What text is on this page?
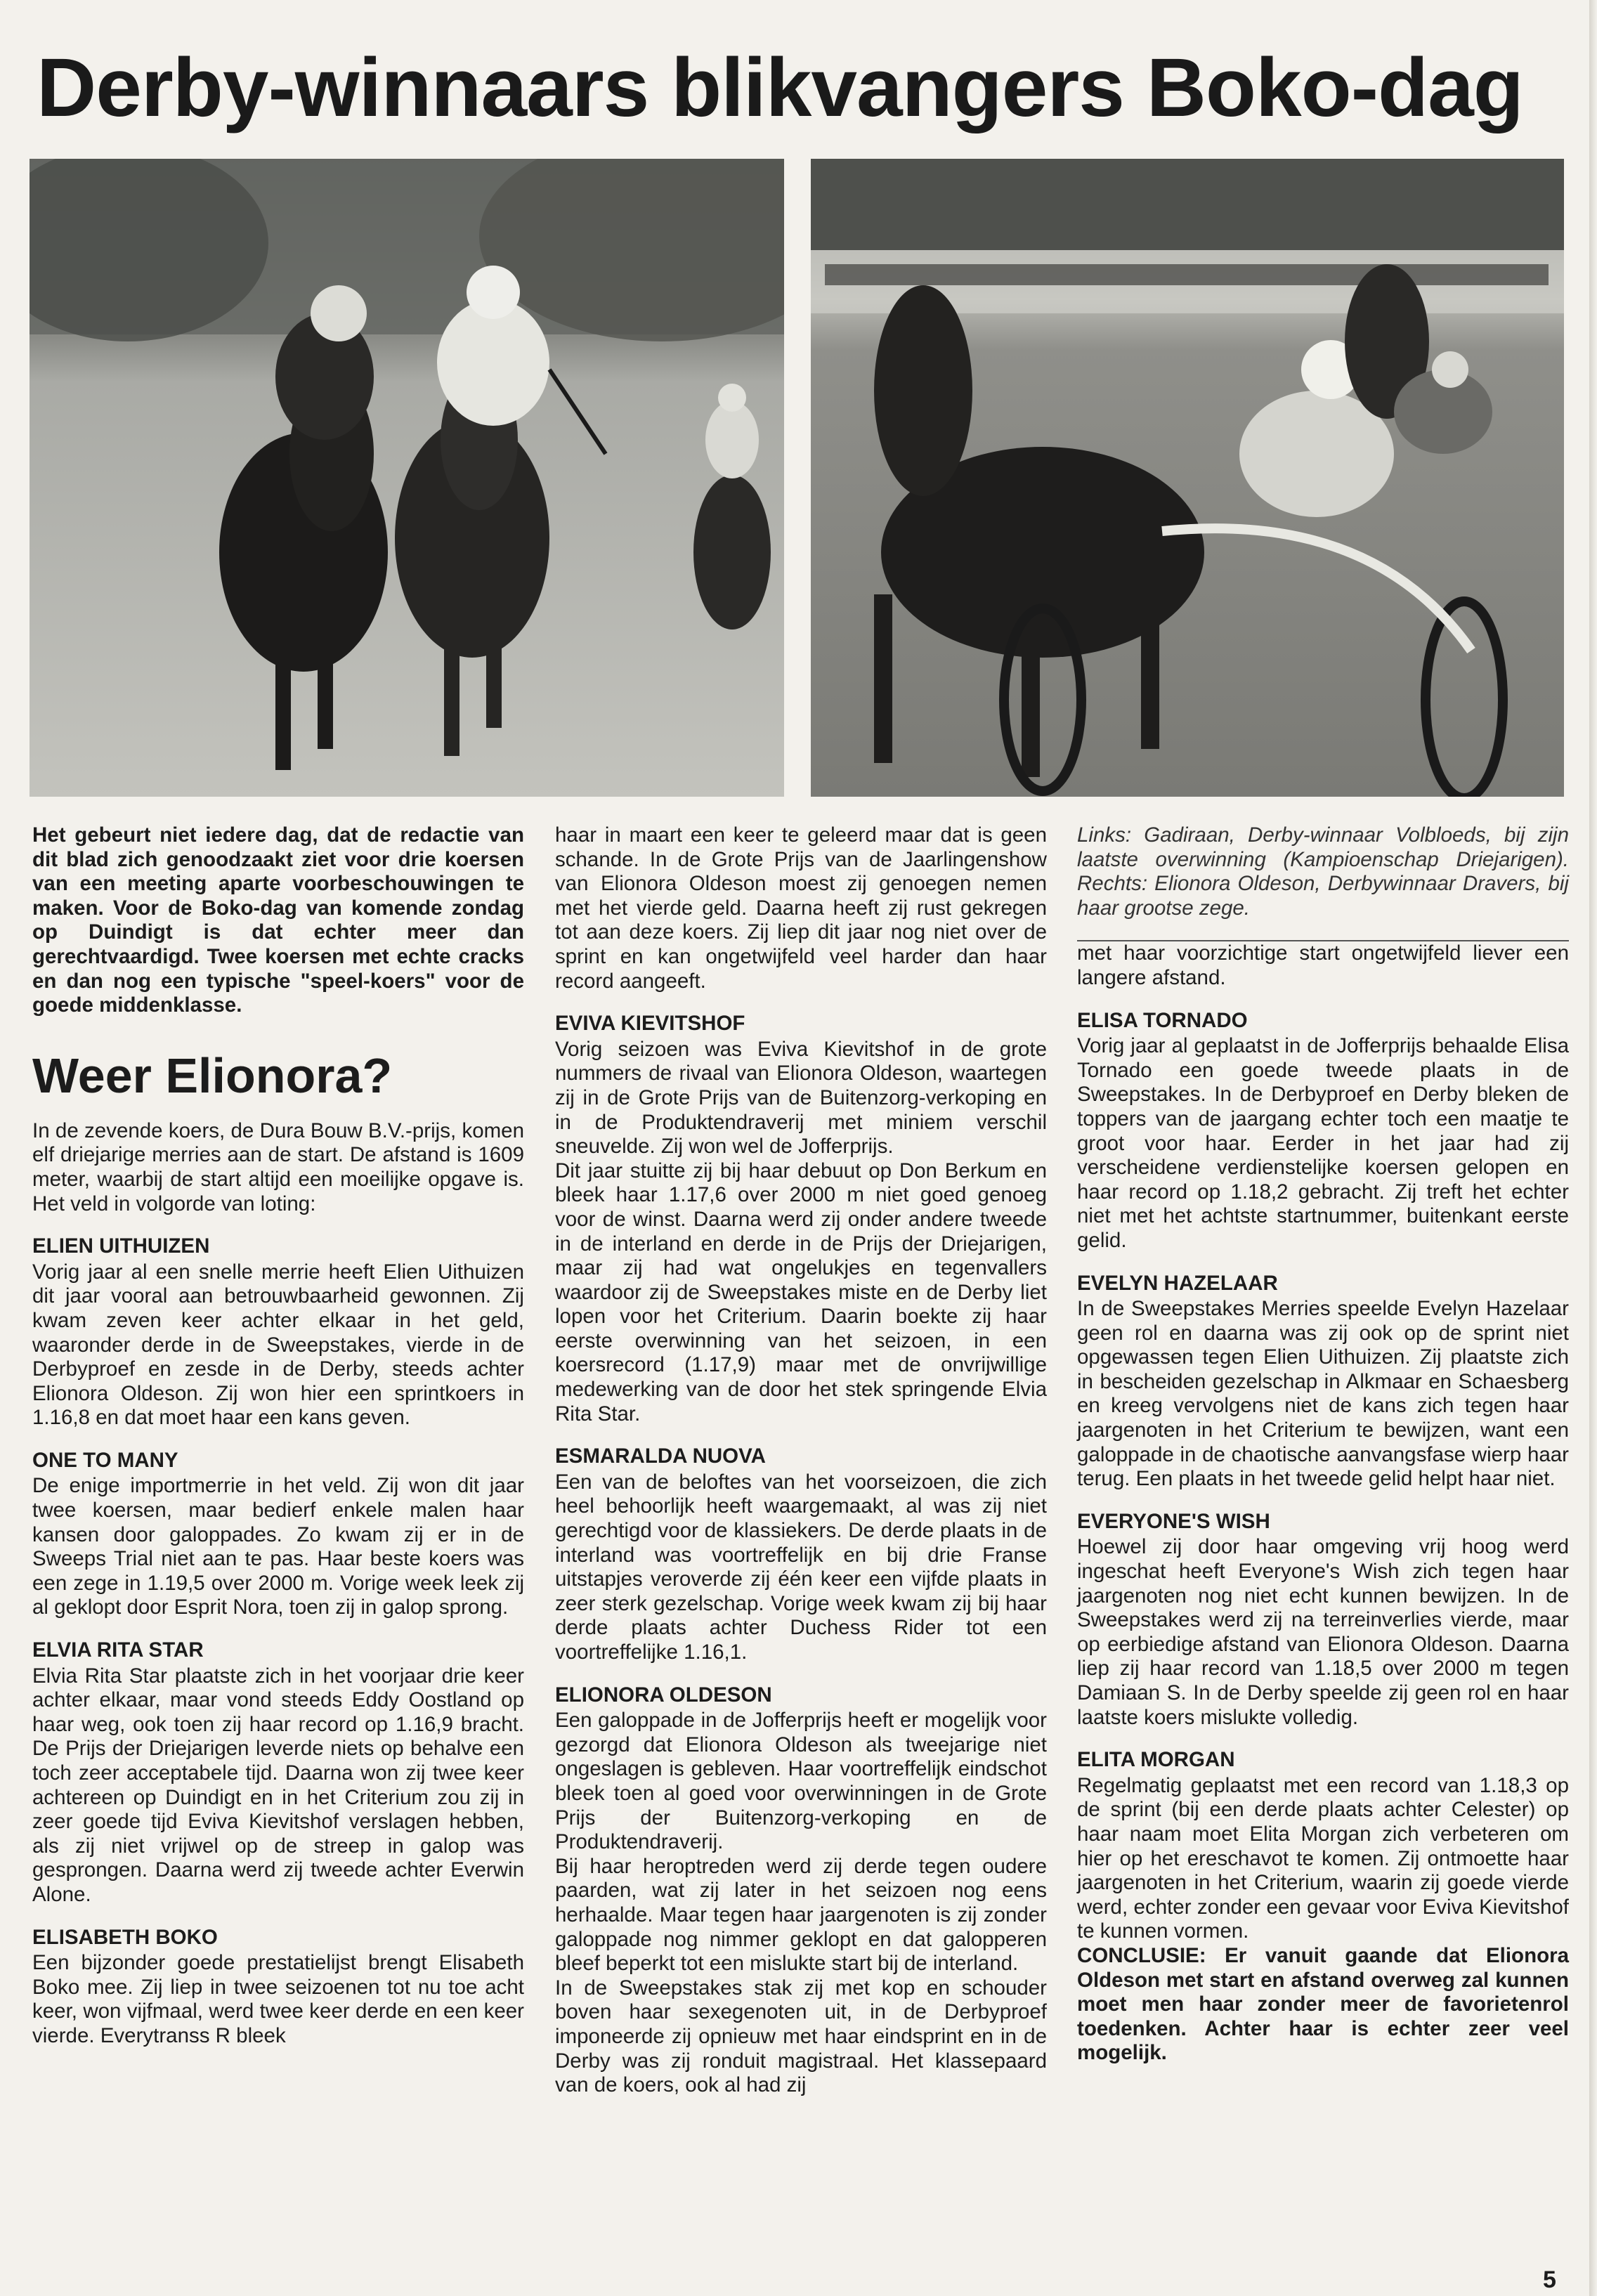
Derby-winnaars blikvangers Boko-dag

Het gebeurt niet iedere dag, dat de redactie van dit blad zich genoodzaakt ziet voor drie koersen van een meeting aparte voorbeschouwingen te maken. Voor de Boko-dag van komende zondag op Duindigt is dat echter meer dan gerechtvaardigd. Twee koersen met echte cracks en dan nog een typische "speel-koers" voor de goede middenklasse.

Weer Elionora?

In de zevende koers, de Dura Bouw B.V.-prijs, komen elf driejarige merries aan de start. De afstand is 1609 meter, waarbij de start altijd een moeilijke opgave is. Het veld in volgorde van loting:

ELIEN UITHUIZEN

Vorig jaar al een snelle merrie heeft Elien Uithuizen dit jaar vooral aan betrouwbaarheid gewonnen. Zij kwam zeven keer achter elkaar in het geld, waaronder derde in de Sweepstakes, vierde in de Derbyproef en zesde in de Derby, steeds achter Elionora Oldeson. Zij won hier een sprintkoers in 1.16,8 en dat moet haar een kans geven.

ONE TO MANY

De enige importmerrie in het veld. Zij won dit jaar twee koersen, maar bedierf enkele malen haar kansen door galoppades. Zo kwam zij er in de Sweeps Trial niet aan te pas. Haar beste koers was een zege in 1.19,5 over 2000 m. Vorige week leek zij al geklopt door Esprit Nora, toen zij in galop sprong.

ELVIA RITA STAR

Elvia Rita Star plaatste zich in het voorjaar drie keer achter elkaar, maar vond steeds Eddy Oostland op haar weg, ook toen zij haar record op 1.16,9 bracht. De Prijs der Driejarigen leverde niets op behalve een toch zeer acceptabele tijd. Daarna won zij twee keer achtereen op Duindigt en in het Criterium zou zij in zeer goede tijd Eviva Kievitshof verslagen hebben, als zij niet vrijwel op de streep in galop was gesprongen. Daarna werd zij tweede achter Everwin Alone.

ELISABETH BOKO

Een bijzonder goede prestatielijst brengt Elisabeth Boko mee. Zij liep in twee seizoenen tot nu toe acht keer, won vijfmaal, werd twee keer derde en een keer vierde. Everytranss R bleek

haar in maart een keer te geleerd maar dat is geen schande. In de Grote Prijs van de Jaarlingenshow van Elionora Oldeson moest zij genoegen nemen met het vierde geld. Daarna heeft zij rust gekregen tot aan deze koers. Zij liep dit jaar nog niet over de sprint en kan ongetwijfeld veel harder dan haar record aangeeft.

EVIVA KIEVITSHOF

Vorig seizoen was Eviva Kievitshof in de grote nummers de rivaal van Elionora Oldeson, waartegen zij in de Grote Prijs van de Buitenzorg-verkoping en in de Produktendraverij met miniem verschil sneuvelde. Zij won wel de Jofferprijs.

Dit jaar stuitte zij bij haar debuut op Don Berkum en bleek haar 1.17,6 over 2000 m niet goed genoeg voor de winst. Daarna werd zij onder andere tweede in de interland en derde in de Prijs der Driejarigen, maar zij had wat ongelukjes en tegenvallers waardoor zij de Sweepstakes miste en de Derby liet lopen voor het Criterium. Daarin boekte zij haar eerste overwinning van het seizoen, in een koersrecord (1.17,9) maar met de onvrijwillige medewerking van de door het stek springende Elvia Rita Star.

ESMARALDA NUOVA

Een van de beloftes van het voorseizoen, die zich heel behoorlijk heeft waargemaakt, al was zij niet gerechtigd voor de klassiekers. De derde plaats in de interland was voortreffelijk en bij drie Franse uitstapjes veroverde zij één keer een vijfde plaats in zeer sterk gezelschap. Vorige week kwam zij bij haar derde plaats achter Duchess Rider tot een voortreffelijke 1.16,1.

ELIONORA OLDESON

Een galoppade in de Jofferprijs heeft er mogelijk voor gezorgd dat Elionora Oldeson als tweejarige niet ongeslagen is gebleven. Haar voortreffelijk eindschot bleek toen al goed voor overwinningen in de Grote Prijs der Buitenzorg-verkoping en de Produktendraverij.

Bij haar heroptreden werd zij derde tegen oudere paarden, wat zij later in het seizoen nog eens herhaalde. Maar tegen haar jaargenoten is zij zonder galoppade nog nimmer geklopt en dat galopperen bleef beperkt tot een mislukte start bij de interland.

In de Sweepstakes stak zij met kop en schouder boven haar sexegenoten uit, in de Derbyproef imponeerde zij opnieuw met haar eindsprint en in de Derby was zij ronduit magistraal. Het klassepaard van de koers, ook al had zij

Links: Gadiraan, Derby-winnaar Volbloeds, bij zijn laatste overwinning (Kampioenschap Driejarigen). Rechts: Elionora Oldeson, Derbywinnaar Dravers, bij haar grootse zege.

met haar voorzichtige start ongetwijfeld liever een langere afstand.

ELISA TORNADO

Vorig jaar al geplaatst in de Jofferprijs behaalde Elisa Tornado een goede tweede plaats in de Sweepstakes. In de Derbyproef en Derby bleken de toppers van de jaargang echter toch een maatje te groot voor haar. Eerder in het jaar had zij verscheidene verdienstelijke koersen gelopen en haar record op 1.18,2 gebracht. Zij treft het echter niet met het achtste startnummer, buitenkant eerste gelid.

EVELYN HAZELAAR

In de Sweepstakes Merries speelde Evelyn Hazelaar geen rol en daarna was zij ook op de sprint niet opgewassen tegen Elien Uithuizen. Zij plaatste zich in bescheiden gezelschap in Alkmaar en Schaesberg en kreeg vervolgens niet de kans zich tegen haar jaargenoten in het Criterium te bewijzen, want een galoppade in de chaotische aanvangsfase wierp haar terug. Een plaats in het tweede gelid helpt haar niet.

EVERYONE'S WISH

Hoewel zij door haar omgeving vrij hoog werd ingeschat heeft Everyone's Wish zich tegen haar jaargenoten nog niet echt kunnen bewijzen. In de Sweepstakes werd zij na terreinverlies vierde, maar op eerbiedige afstand van Elionora Oldeson. Daarna liep zij haar record van 1.18,5 over 2000 m tegen Damiaan S. In de Derby speelde zij geen rol en haar laatste koers mislukte volledig.

ELITA MORGAN

Regelmatig geplaatst met een record van 1.18,3 op de sprint (bij een derde plaats achter Celester) op haar naam moet Elita Morgan zich verbeteren om hier op het ereschavot te komen. Zij ontmoette haar jaargenoten in het Criterium, waarin zij goede vierde werd, echter zonder een gevaar voor Eviva Kievitshof te kunnen vormen.

CONCLUSIE: Er vanuit gaande dat Elionora Oldeson met start en afstand overweg zal kunnen moet men haar zonder meer de favorietenrol toedenken. Achter haar is echter zeer veel mogelijk.

5
